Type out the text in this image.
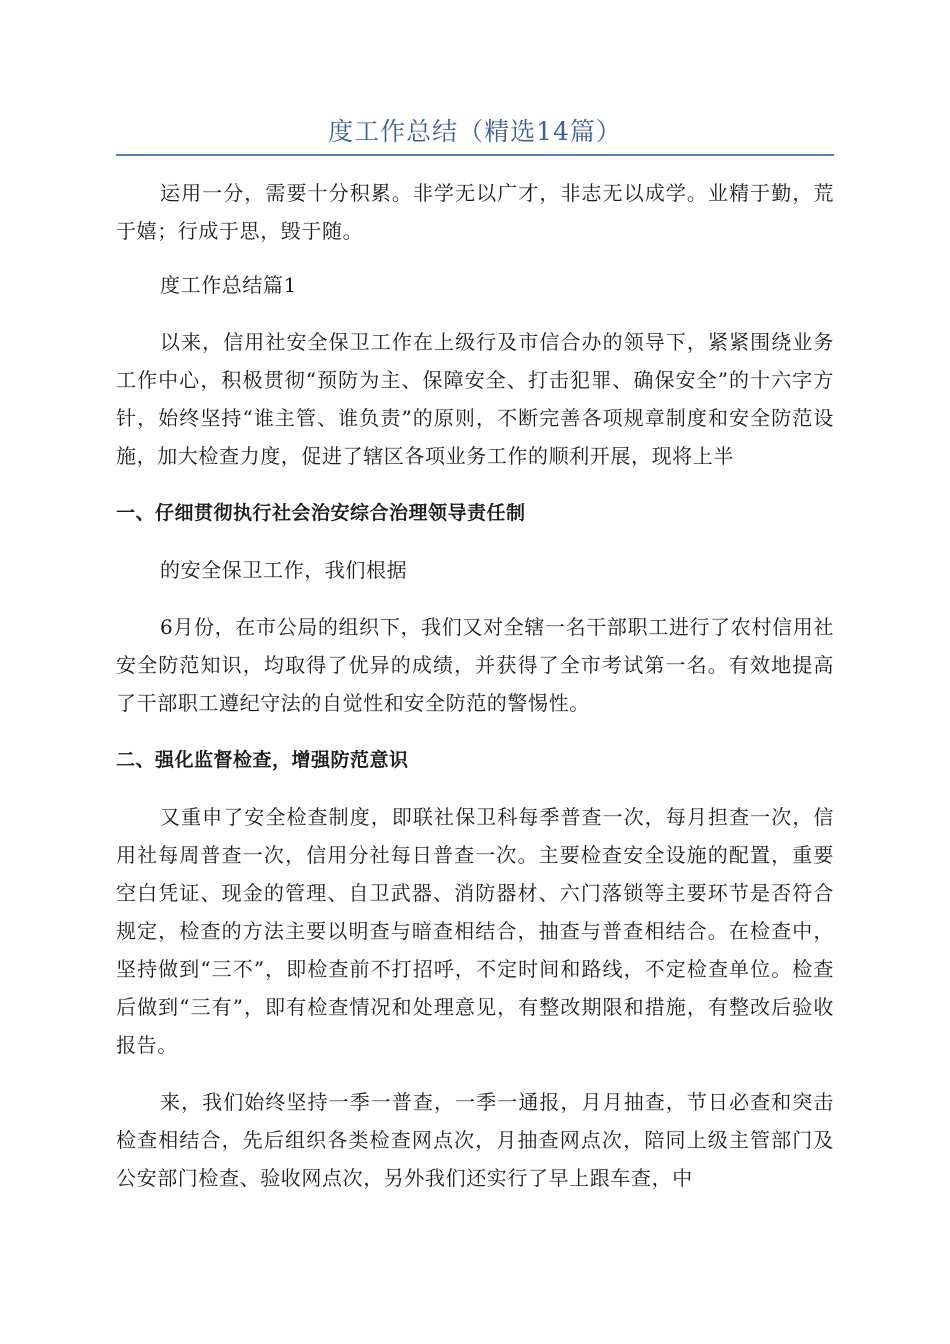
度工作总结（精选14篇）

运用一分，需要十分积累。非学无以广才，非志无以成学。业精于勤，荒于嬉；行成于思，毁于随。

度工作总结篇1

以来，信用社安全保卫工作在上级行及市信合办的领导下，紧紧围绕业务工作中心，积极贯彻“预防为主、保障安全、打击犯罪、确保安全”的十六字方针，始终坚持“谁主管、谁负责”的原则，不断完善各项规章制度和安全防范设施，加大检查力度，促进了辖区各项业务工作的顺利开展，现将上半

一、仔细贯彻执行社会治安综合治理领导责任制

的安全保卫工作，我们根据

6月份，在市公局的组织下，我们又对全辖一名干部职工进行了农村信用社安全防范知识，均取得了优异的成绩，并获得了全市考试第一名。有效地提高了干部职工遵纪守法的自觉性和安全防范的警惕性。

二、强化监督检查，增强防范意识

又重申了安全检查制度，即联社保卫科每季普查一次，每月担查一次，信用社每周普查一次，信用分社每日普查一次。主要检查安全设施的配置，重要空白凭证、现金的管理、自卫武器、消防器材、六门落锁等主要环节是否符合规定，检查的方法主要以明查与暗查相结合，抽查与普查相结合。在检查中，坚持做到“三不”，即检查前不打招呼，不定时间和路线，不定检查单位。检查后做到“三有”，即有检查情况和处理意见，有整改期限和措施，有整改后验收报告。

来，我们始终坚持一季一普查，一季一通报，月月抽查，节日必查和突击检查相结合，先后组织各类检查网点次，月抽查网点次，陪同上级主管部门及公安部门检查、验收网点次，另外我们还实行了早上跟车查，中
